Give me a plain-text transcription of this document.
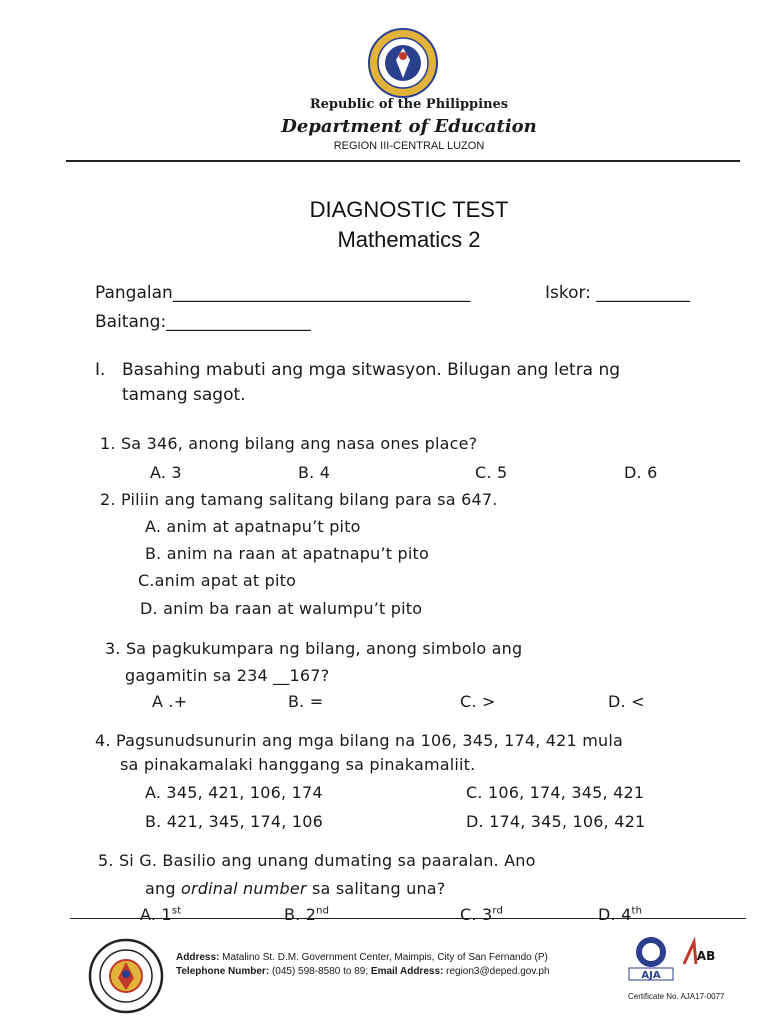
Republic of the Philippines
Department of Education
REGION III-CENTRAL LUZON
DIAGNOSTIC TEST
Mathematics 2
Pangalan___________________________________	Iskor: ___________
Baitang:_________________
I. Basahing mabuti ang mga sitwasyon. Bilugan ang letra ng
tamang sagot.
1. Sa 346, anong bilang ang nasa ones place?
A. 3	B. 4	C. 5	D. 6
2. Piliin ang tamang salitang bilang para sa 647.
A. anim at apatnapu’t pito
B. anim na raan at apatnapu’t pito
C.anim apat at pito
D. anim ba raan at walumpu’t pito
3. Sa pagkukumpara ng bilang, anong simbolo ang
gagamitin sa 234 __167?
A .+	B. =	C. >	D. <
4. Pagsunudsunurin ang mga bilang na 106, 345, 174, 421 mula
sa pinakamalaki hanggang sa pinakamaliit.
A. 345, 421, 106, 174	C. 106, 174, 345, 421
B. 421, 345, 174, 106	D. 174, 345, 106, 421
5. Si G. Basilio ang unang dumating sa paaralan. Ano
ang ordinal number sa salitang una?
A. 1st	B. 2nd	C. 3rd	D. 4th
Address: Matalino St. D.M. Government Center, Maimpis, City of San Fernando (P)
Telephone Number: (045) 598-8580 to 89; Email Address: region3@deped.gov.ph	AJA
AB
Certificate No. AJA17-0077
